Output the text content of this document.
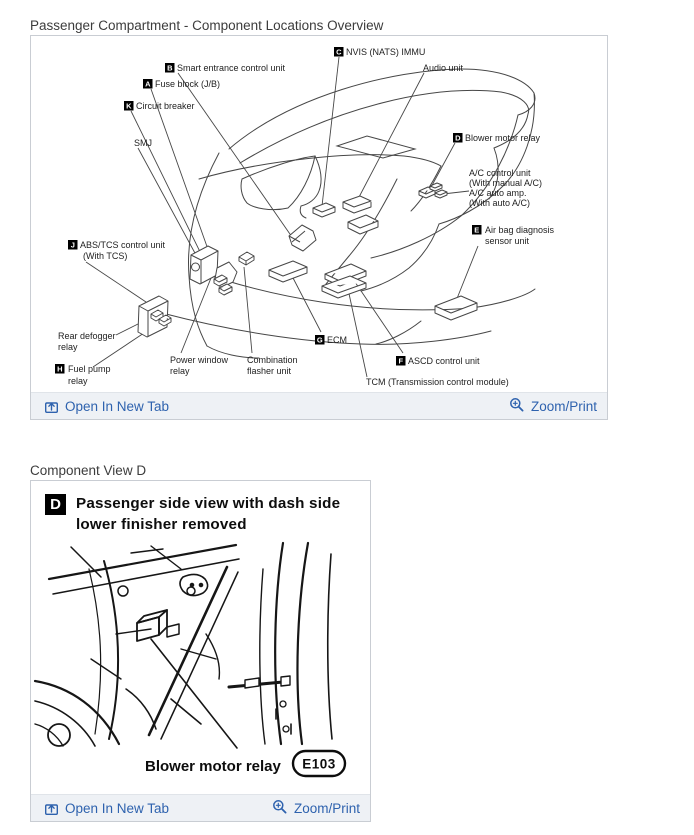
Passenger Compartment - Component Locations Overview
C NVIS (NATS) IMMU
B Smart entrance control unit	Audio unit
A Fuse block (J/B)
K Circuit breaker
D Blower motor relay
SMJ
A/C control unit
(With manual A/C)
A/C auto amp.
(With auto A/C)
E Air bag diagnosis
sensor unit
J ABS/TCS control unit
(With TCS)
Rear defogger
relay
H Fuel pump
relay
Power window
relay
Combination
flasher unit
G ECM
F ASCD control unit
TCM (Transmission control module)
Open In New Tab	Zoom/Print
Component View D
D Passenger side view with dash side
lower finisher removed
Blower motor relay E103
Open In New Tab	Zoom/Print
